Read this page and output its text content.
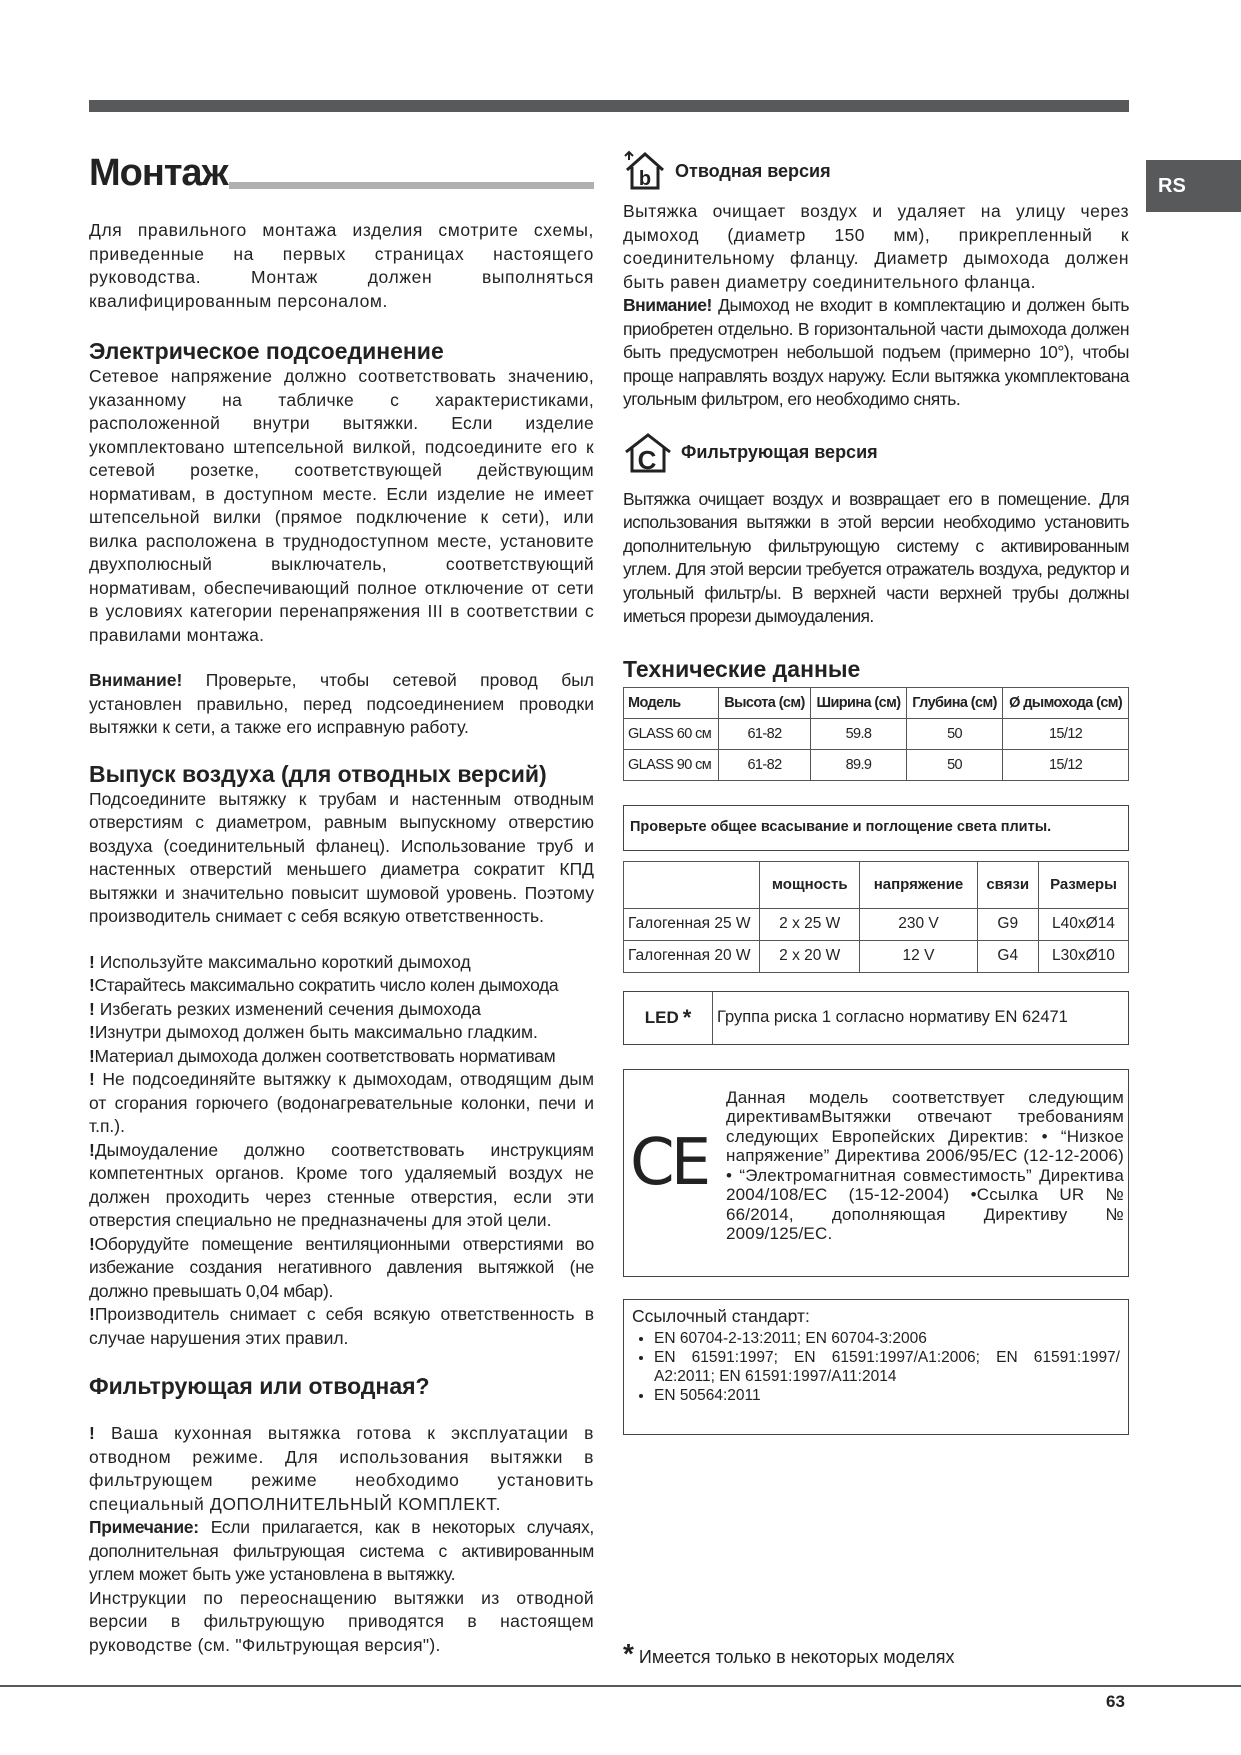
RS
Монтаж

Для правильного монтажа изделия смотрите схемы, приведенные на первых страницах настоящего руководства. Монтаж должен выполняться квалифицированным персоналом.

Электрическое подсоединение

Сетевое напряжение должно соответствовать значению, указанному на табличке с характеристиками, расположенной внутри вытяжки. Если изделие укомплектовано штепсельной вилкой, подсоедините его к сетевой розетке, соответствующей действующим нормативам, в доступном месте. Если изделие не имеет штепсельной вилки (прямое подключение к сети), или вилка расположена в труднодоступном месте, установите двухполюсный выключатель, соответствующий нормативам, обеспечивающий полное отключение от сети в условиях категории перенапряжения III в соответствии с правилами монтажа.

Внимание! Проверьте, чтобы сетевой провод был установлен правильно, перед подсоединением проводки вытяжки к сети, а также его исправную работу.

Выпуск воздуха (для отводных версий)

Подсоедините вытяжку к трубам и настенным отводным отверстиям с диаметром, равным выпускному отверстию воздуха (соединительный фланец). Использование труб и настенных отверстий меньшего диаметра сократит КПД вытяжки и значительно повысит шумовой уровень. Поэтому производитель снимает с себя всякую ответственность.

! Используйте максимально короткий дымоход

!Старайтесь максимально сократить число колен дымохода

! Избегать резких изменений сечения дымохода

!Изнутри дымоход должен быть максимально гладким.

!Материал дымохода должен соответствовать нормативам

! Не подсоединяйте вытяжку к дымоходам, отводящим дым от сгорания горючего (водонагревательные колонки, печи и т.п.).

!Дымоудаление должно соответствовать инструкциям компетентных органов. Кроме того удаляемый воздух не должен проходить через стенные отверстия, если эти отверстия специально не предназначены для этой цели.

!Оборудуйте помещение вентиляционными отверстиями во избежание создания негативного давления вытяжкой (не должно превышать 0,04 мбар).

!Производитель снимает с себя всякую ответственность в случае нарушения этих правил.

Фильтрующая или отводная?

! Ваша кухонная вытяжка готова к эксплуатации в отводном режиме. Для использования вытяжки в фильтрующем режиме необходимо установить специальный ДОПОЛНИТЕЛЬНЫЙ КОМПЛЕКТ.

Примечание: Если прилагается, как в некоторых случаях, дополнительная фильтрующая система с активированным углем может быть уже установлена в вытяжку.

Инструкции по переоснащению вытяжки из отводной версии в фильтрующую приводятся в настоящем руководстве (см. "Фильтрующая версия").

b Отводная версия

Вытяжка очищает воздух и удаляет на улицу через дымоход (диаметр 150 мм), прикрепленный к соединительному фланцу. Диаметр дымохода должен быть равен диаметру соединительного фланца.

Внимание! Дымоход не входит в комплектацию и должен быть приобретен отдельно. В горизонтальной части дымохода должен быть предусмотрен небольшой подъем (примерно 10°), чтобы проще направлять воздух наружу. Если вытяжка укомплектована угольным фильтром, его необходимо снять.

C Фильтрующая версия

Вытяжка очищает воздух и возвращает его в помещение. Для использования вытяжки в этой версии необходимо установить дополнительную фильтрующую систему с активированным углем. Для этой версии требуется отражатель воздуха, редуктор и угольный фильтр/ы. В верхней части верхней трубы должны иметься прорези дымоудаления.

Технические данные
Модель	Высота (см)	Ширина (см)	Глубина (см)	Ø дымохода (см)
GLASS 60 см	61-82	59.8	50	15/12
GLASS 90 см	61-82	89.9	50	15/12
Проверьте общее всасывание и поглощение света плиты.
	мощность	напряжение	связи	Размеры
Галогенная 25 W	2 x 25 W	230 V	G9	L40xØ14
Галогенная 20 W	2 x 20 W	12 V	G4	L30xØ10
LED * Группа риска 1 согласно нормативу EN 62471
CE

Данная модель соответствует следующим директивамВытяжки отвечают требованиям следующих Европейских Директив: • “Низкое напряжение” Директива 2006/95/EC (12-12-2006) • “Электромагнитная совместимость” Директива 2004/108/EC (15-12-2004) •Ссылка UR № 66/2014, дополняющая Директиву № 2009/125/EC.

Ссылочный стандарт:
• EN 60704-2-13:2011; EN 60704-3:2006
• EN 61591:1997; EN 61591:1997/A1:2006; EN 61591:1997/ A2:2011; EN 61591:1997/A11:2014
• EN 50564:2011
* Имеется только в некоторых моделях
63
